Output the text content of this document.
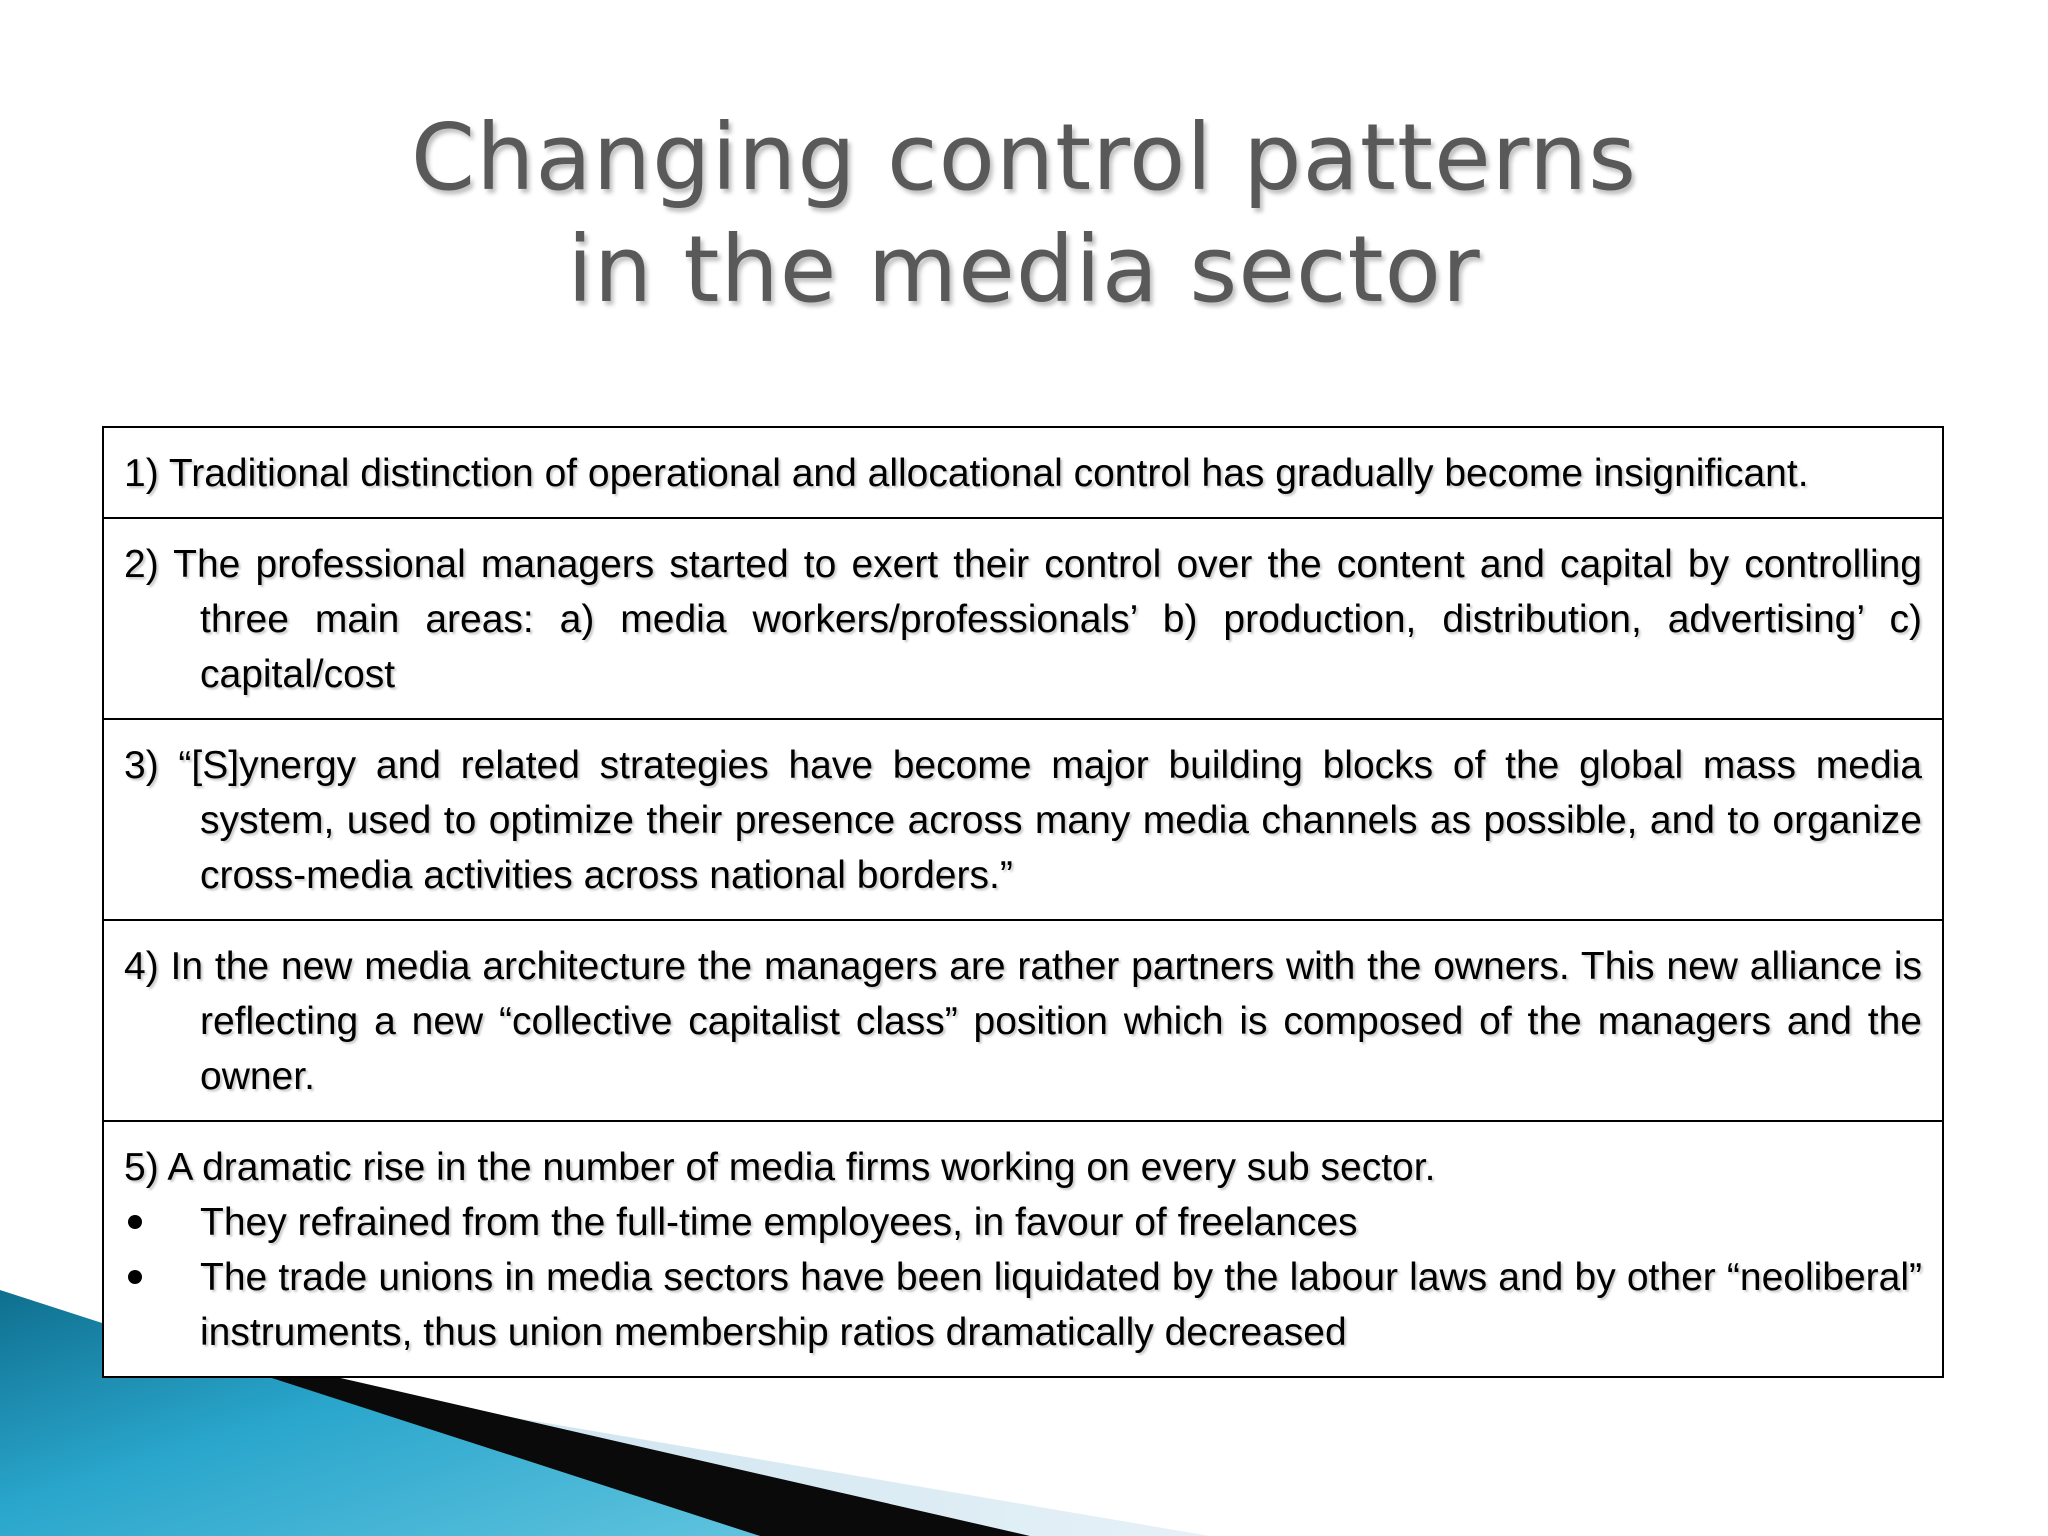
Changing control patterns
in the media sector
1) Traditional distinction of operational and allocational control has gradually become insignificant.
2) The professional managers started to exert their control over the content and capital by controlling three main areas: a) media workers/professionals’ b) production, distribution, advertising’ c) capital/cost
3) “[S]ynergy and related strategies have become major building blocks of the global mass media system, used to optimize their presence across many media channels as possible, and to organize cross-media activities across national borders.”
4) In the new media architecture the managers are rather partners with the owners. This new alliance is reflecting a new “collective capitalist class” position which is composed of the managers and the owner.
5) A dramatic rise in the number of media firms working on every sub sector.
They refrained from the full-time employees, in favour of freelances
The trade unions in media sectors have been liquidated by the labour laws and by other “neoliberal” instruments, thus union membership ratios dramatically decreased
